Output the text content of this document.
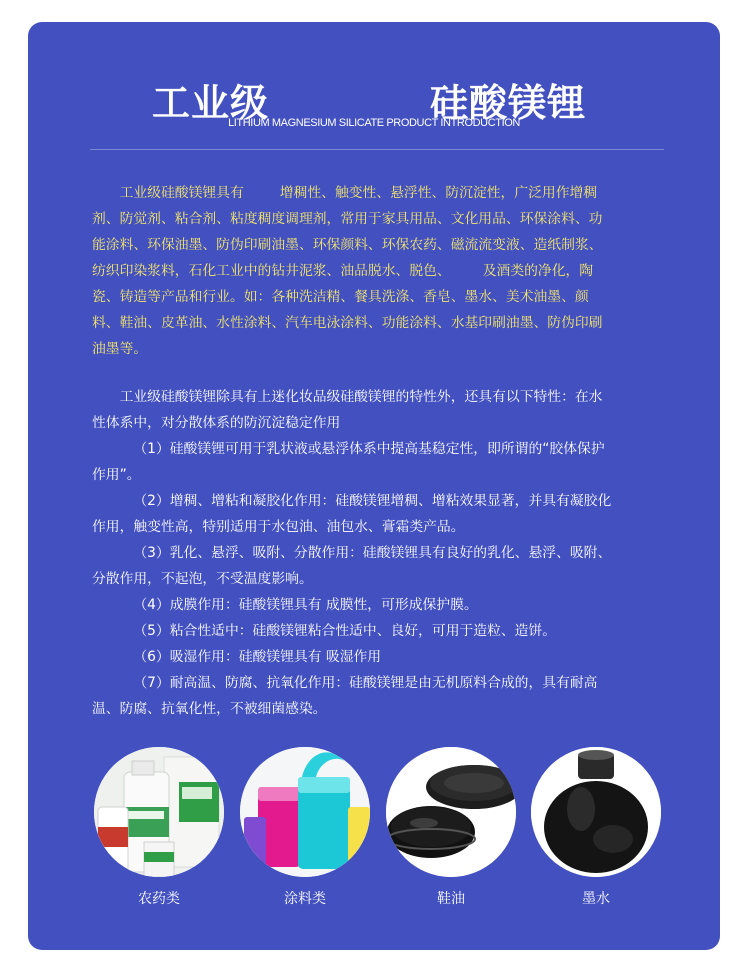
工业级	硅酸镁锂
LITHIUM MAGNESIUM SILICATE PRODUCT INTRODUCTION

工业级硅酸镁锂具有	增稠性、触变性、悬浮性、防沉淀性，广泛用作增稠

剂、防觉剂、粘合剂、粘度稠度调理剂，常用于家具用品、文化用品、环保涂料、功

能涂料、环保油墨、防伪印刷油墨、环保颜料、环保农药、磁流流变液、造纸制浆、

纺织印染浆料，石化工业中的钻井泥浆、油品脱水、脱色、 及酒类的净化，陶

瓷、铸造等产品和行业。如：各种洗洁精、餐具洗涤、香皂、墨水、美术油墨、颜

料、鞋油、皮革油、水性涂料、汽车电泳涂料、功能涂料、水基印刷油墨、防伪印刷

油墨等。

工业级硅酸镁锂除具有上迷化妆品级硅酸镁锂的特性外，还具有以下特性：在水

性体系中，对分散体系的防沉淀稳定作用

（1）硅酸镁锂可用于乳状液或悬浮体系中提高基稳定性，即所谓的“胶体保护

作用”。

（2）增稠、增粘和凝胶化作用：硅酸镁锂增稠、增粘效果显著，并具有凝胶化

作用，触变性高，特别适用于水包油、油包水、膏霜类产品。

（3）乳化、悬浮、吸附、分散作用：硅酸镁锂具有良好的乳化、悬浮、吸附、

分散作用，不起泡，不受温度影响。

（4）成膜作用：硅酸镁锂具有 成膜性，可形成保护膜。

（5）粘合性适中：硅酸镁锂粘合性适中、良好，可用于造粒、造饼。

（6）吸湿作用：硅酸镁锂具有 吸湿作用

（7）耐高温、防腐、抗氧化作用：硅酸镁锂是由无机原料合成的，具有耐高

温、防腐、抗氧化性，不被细菌感染。

农药类	涂料类	鞋油	墨水
